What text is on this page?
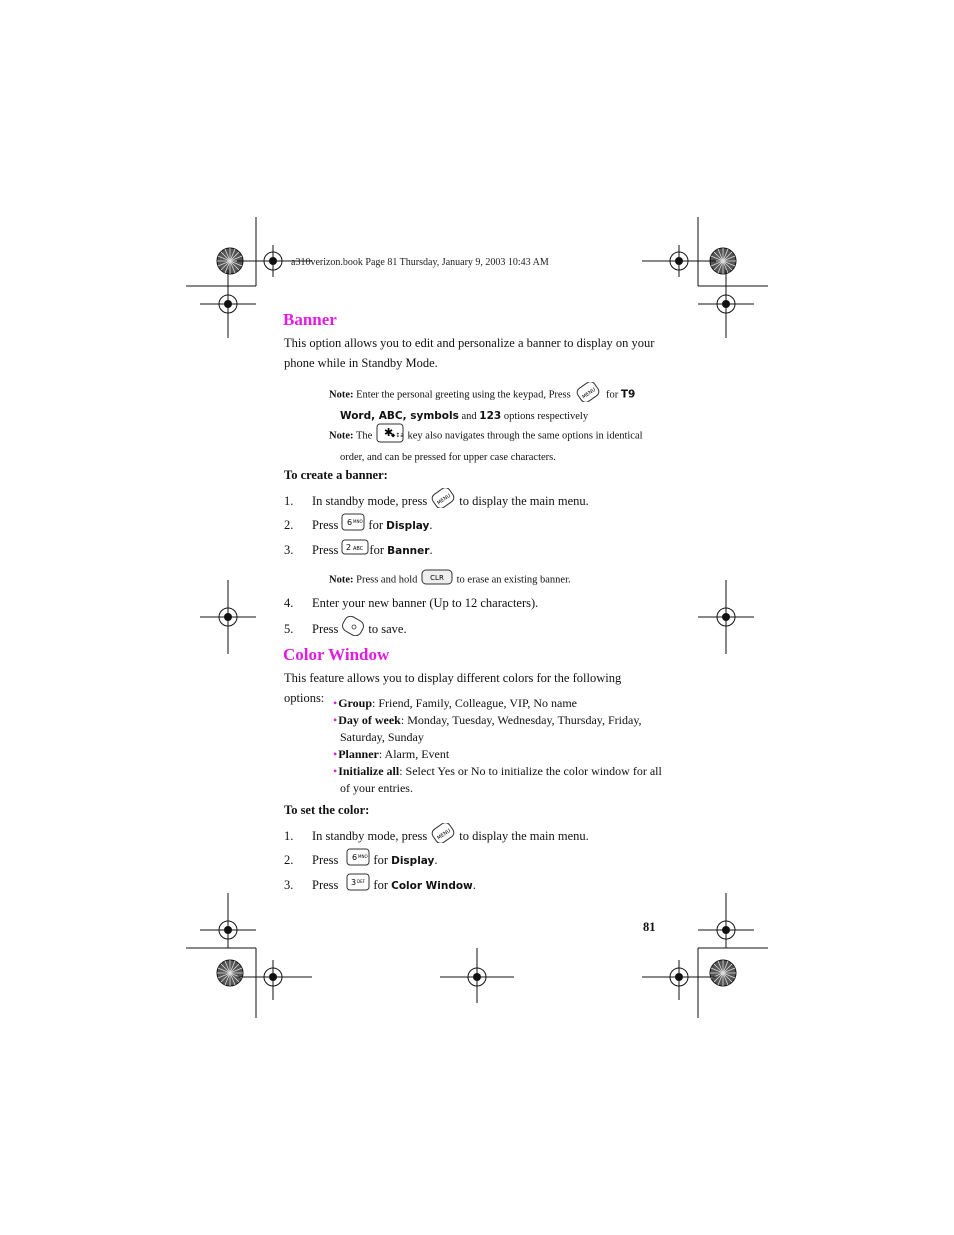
a310verizon.book Page 81 Thursday, January 9, 2003 10:43 AM
Banner
This option allows you to edit and personalize a banner to display on your phone while in Standby Mode.
Note: Enter the personal greeting using the keypad, Press MENU for T9
Word, ABC, symbols and 123 options respectively
Note: The ✱
⬥↕a key also navigates through the same options in identical
order, and can be pressed for upper case characters.
To create a banner:
1. In standby mode, press MENU to display the main menu.
2. Press 6 MNO for Display.
3. Press 2 ABC for Banner.
Note: Press and hold CLR to erase an existing banner.
4. Enter your new banner (Up to 12 characters).
5. Press to save.
Color Window
This feature allows you to display different colors for the following options: •Group: Friend, Family, Colleague, VIP, No name
•Day of week: Monday, Tuesday, Wednesday, Thursday, Friday,
Saturday, Sunday
•Planner: Alarm, Event
•Initialize all: Select Yes or No to initialize the color window for all
of your entries.
To set the color:
1. In standby mode, press MENU to display the main menu.
2. Press 6 MNO for Display.
3. Press 3 DEF for Color Window.
81
